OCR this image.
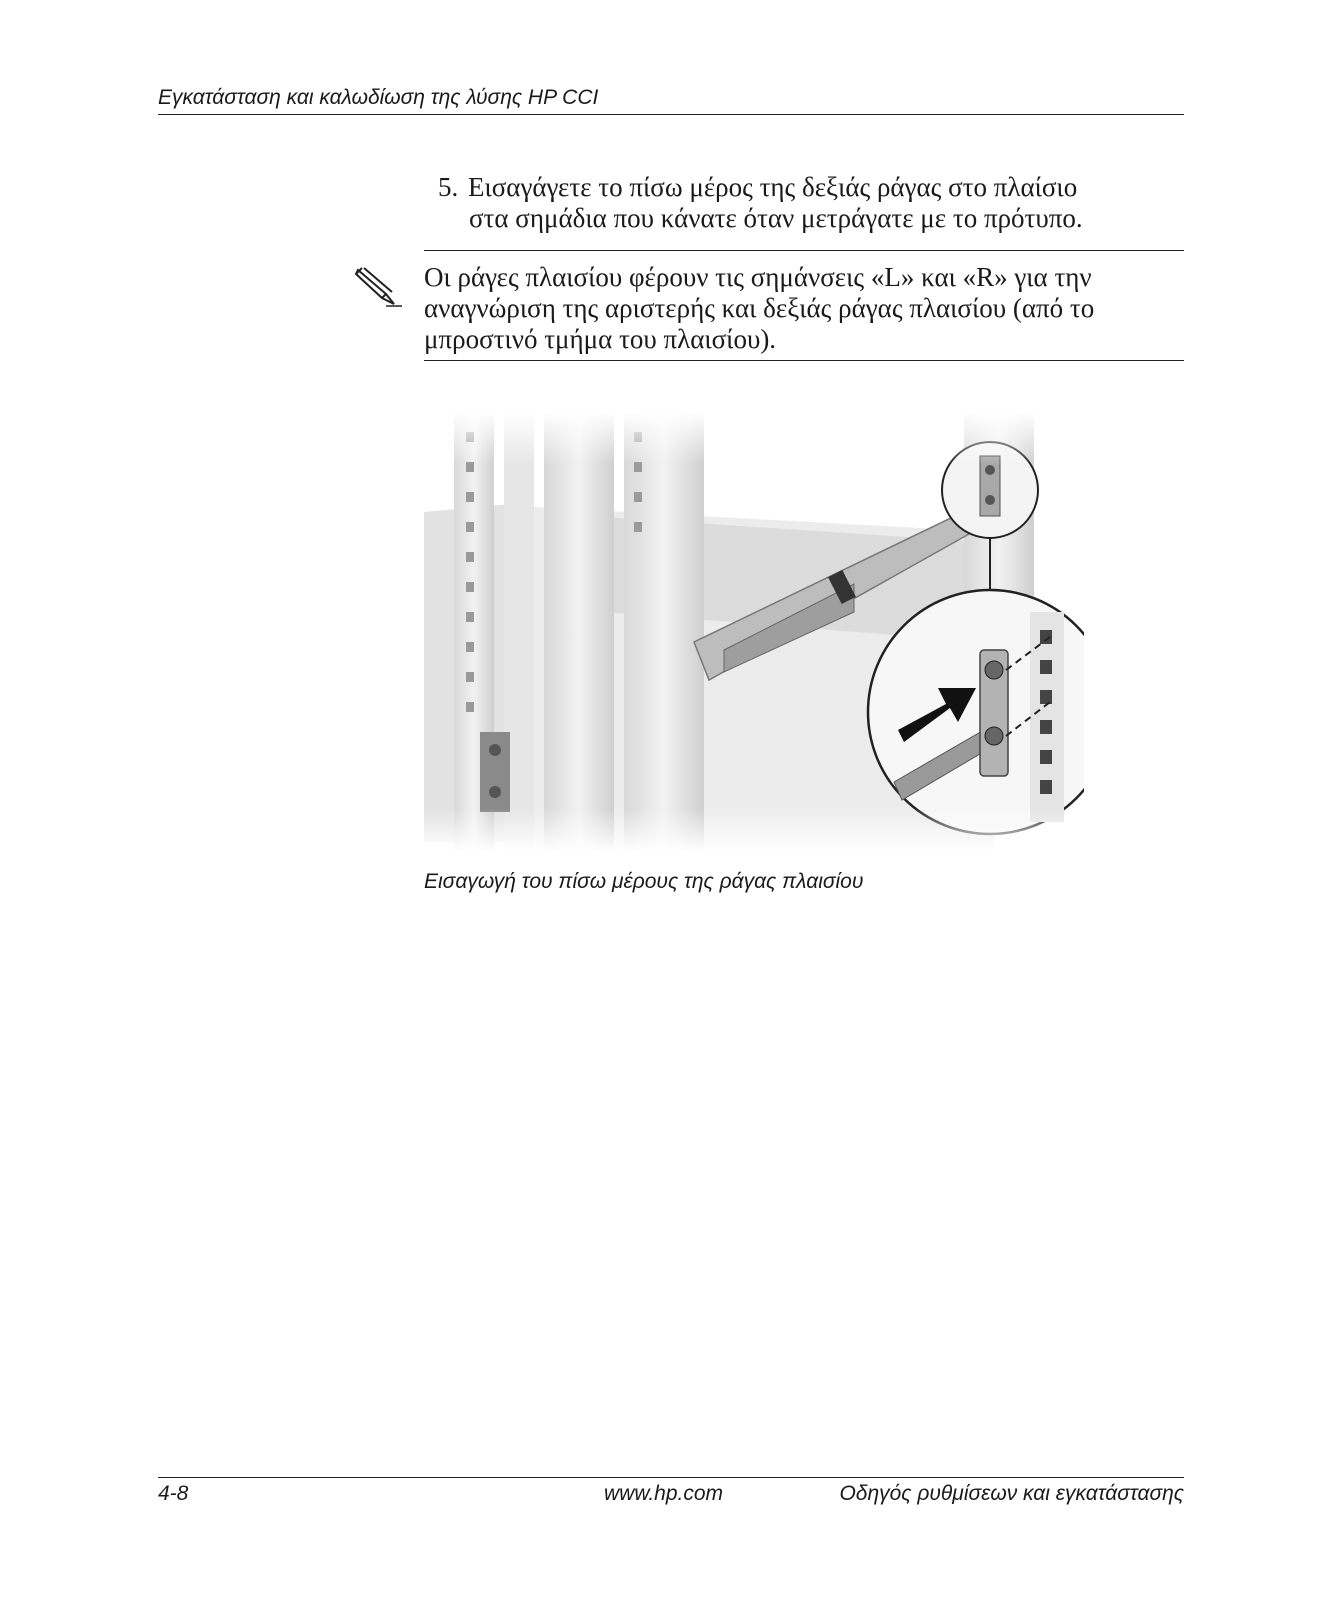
Εγκατάσταση και καλωδίωση της λύσης HP CCI
5. Εισαγάγετε το πίσω μέρος της δεξιάς ράγας στο πλαίσιο
στα σημάδια που κάνατε όταν μετράγατε με το πρότυπο.
Οι ράγες πλαισίου φέρουν τις σημάνσεις «L» και «R» για την
αναγνώριση της αριστερής και δεξιάς ράγας πλαισίου (από το
μπροστινό τμήμα του πλαισίου).
Εισαγωγή του πίσω μέρους της ράγας πλαισίου
4-8	www.hp.com	Οδηγός ρυθμίσεων και εγκατάστασης
